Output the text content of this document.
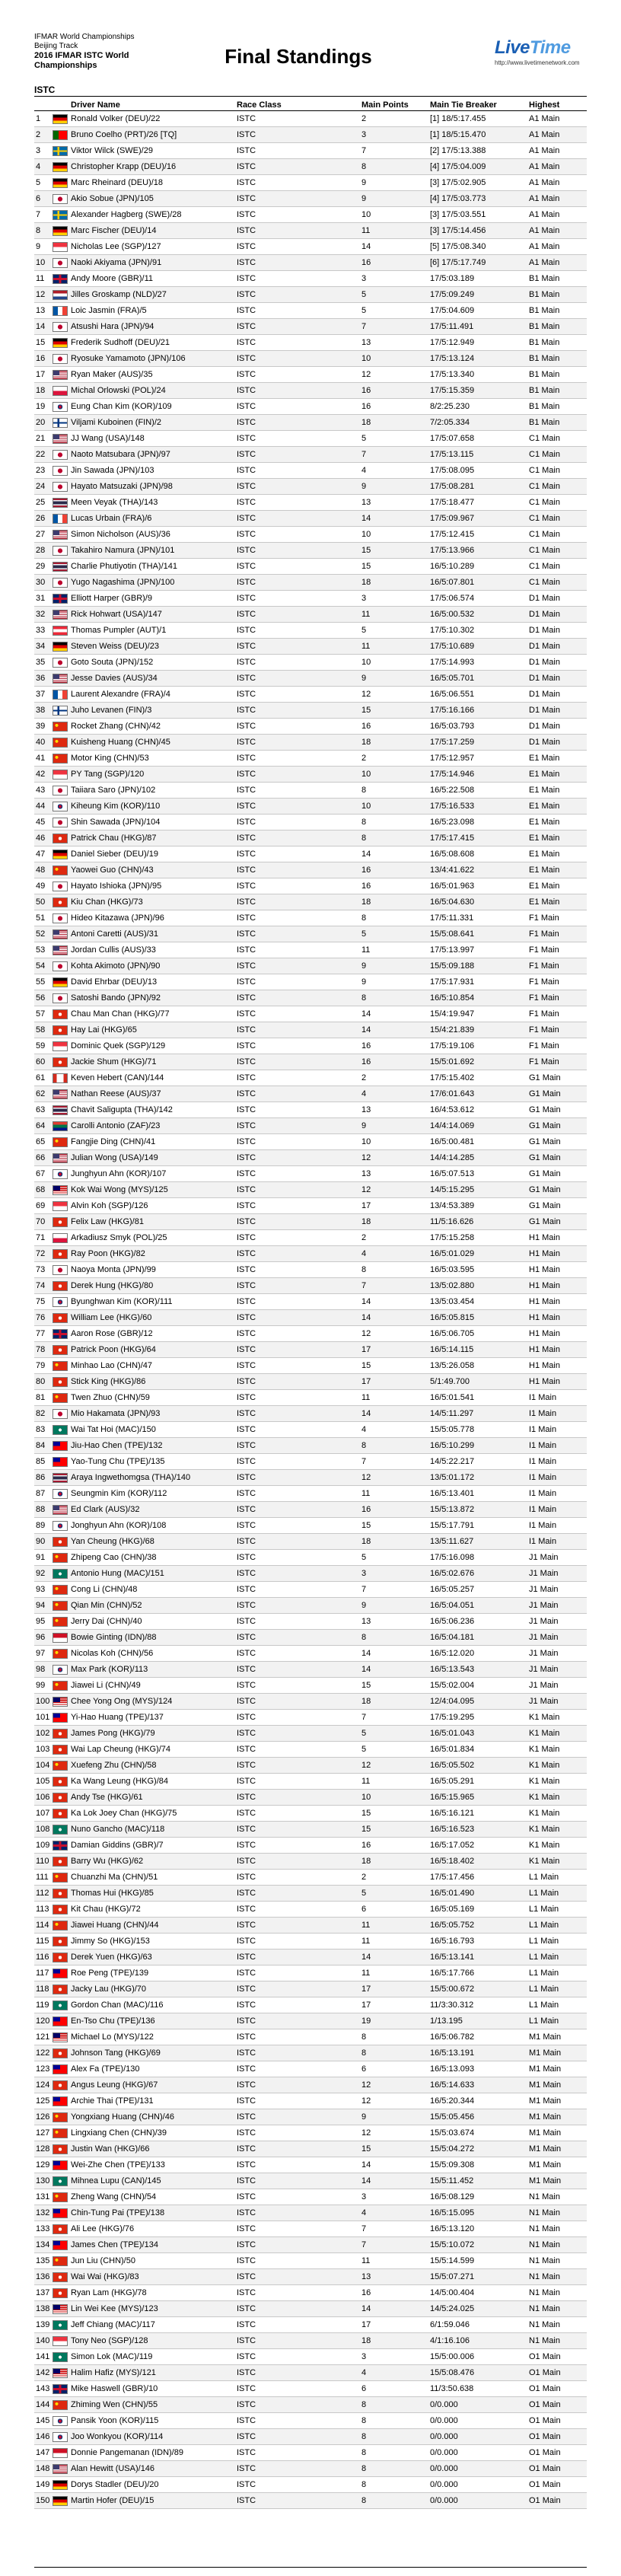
IFMAR World Championships
Beijing Track
2016 IFMAR ISTC World
Championships	Final Standings	LiveTime
http://www.livetimenetwork.com
ISTC
		Driver Name	Race Class	Main Points	Main Tie Breaker	Highest
1		Ronald Volker (DEU)/22	ISTC	2	[1] 18/5:17.455	A1 Main
2		Bruno Coelho (PRT)/26 [TQ]	ISTC	3	[1] 18/5:15.470	A1 Main
3		Viktor Wilck (SWE)/29	ISTC	7	[2] 17/5:13.388	A1 Main
4		Christopher Krapp (DEU)/16	ISTC	8	[4] 17/5:04.009	A1 Main
5		Marc Rheinard (DEU)/18	ISTC	9	[3] 17/5:02.905	A1 Main
6		Akio Sobue (JPN)/105	ISTC	9	[4] 17/5:03.773	A1 Main
7		Alexander Hagberg (SWE)/28	ISTC	10	[3] 17/5:03.551	A1 Main
8		Marc Fischer (DEU)/14	ISTC	11	[3] 17/5:14.456	A1 Main
9		Nicholas Lee (SGP)/127	ISTC	14	[5] 17/5:08.340	A1 Main
10		Naoki Akiyama (JPN)/91	ISTC	16	[6] 17/5:17.749	A1 Main
11		Andy Moore (GBR)/11	ISTC	3	17/5:03.189	B1 Main
12		Jilles Groskamp (NLD)/27	ISTC	5	17/5:09.249	B1 Main
13		Loic Jasmin (FRA)/5	ISTC	5	17/5:04.609	B1 Main
14		Atsushi Hara (JPN)/94	ISTC	7	17/5:11.491	B1 Main
15		Frederik Sudhoff (DEU)/21	ISTC	13	17/5:12.949	B1 Main
16		Ryosuke Yamamoto (JPN)/106	ISTC	10	17/5:13.124	B1 Main
17		Ryan Maker (AUS)/35	ISTC	12	17/5:13.340	B1 Main
18		Michal Orlowski (POL)/24	ISTC	16	17/5:15.359	B1 Main
19		Eung Chan Kim (KOR)/109	ISTC	16	8/2:25.230	B1 Main
20		Viljami Kuboinen (FIN)/2	ISTC	18	7/2:05.334	B1 Main
21		JJ Wang (USA)/148	ISTC	5	17/5:07.658	C1 Main
22		Naoto Matsubara (JPN)/97	ISTC	7	17/5:13.115	C1 Main
23		Jin Sawada (JPN)/103	ISTC	4	17/5:08.095	C1 Main
24		Hayato Matsuzaki (JPN)/98	ISTC	9	17/5:08.281	C1 Main
25		Meen Veyak (THA)/143	ISTC	13	17/5:18.477	C1 Main
26		Lucas Urbain (FRA)/6	ISTC	14	17/5:09.967	C1 Main
27		Simon Nicholson (AUS)/36	ISTC	10	17/5:12.415	C1 Main
28		Takahiro Namura (JPN)/101	ISTC	15	17/5:13.966	C1 Main
29		Charlie Phutiyotin (THA)/141	ISTC	15	16/5:10.289	C1 Main
30		Yugo Nagashima (JPN)/100	ISTC	18	16/5:07.801	C1 Main
31		Elliott Harper (GBR)/9	ISTC	3	17/5:06.574	D1 Main
32		Rick Hohwart (USA)/147	ISTC	11	16/5:00.532	D1 Main
33		Thomas Pumpler (AUT)/1	ISTC	5	17/5:10.302	D1 Main
34		Steven Weiss (DEU)/23	ISTC	11	17/5:10.689	D1 Main
35		Goto Souta (JPN)/152	ISTC	10	17/5:14.993	D1 Main
36		Jesse Davies (AUS)/34	ISTC	9	16/5:05.701	D1 Main
37		Laurent Alexandre (FRA)/4	ISTC	12	16/5:06.551	D1 Main
38		Juho Levanen (FIN)/3	ISTC	15	17/5:16.166	D1 Main
39		Rocket Zhang (CHN)/42	ISTC	16	16/5:03.793	D1 Main
40		Kuisheng Huang (CHN)/45	ISTC	18	17/5:17.259	D1 Main
41		Motor King (CHN)/53	ISTC	2	17/5:12.957	E1 Main
42		PY Tang (SGP)/120	ISTC	10	17/5:14.946	E1 Main
43		Taiiara Saro (JPN)/102	ISTC	8	16/5:22.508	E1 Main
44		Kiheung Kim (KOR)/110	ISTC	10	17/5:16.533	E1 Main
45		Shin Sawada (JPN)/104	ISTC	8	16/5:23.098	E1 Main
46		Patrick Chau (HKG)/87	ISTC	8	17/5:17.415	E1 Main
47		Daniel Sieber (DEU)/19	ISTC	14	16/5:08.608	E1 Main
48		Yaowei Guo (CHN)/43	ISTC	16	13/4:41.622	E1 Main
49		Hayato Ishioka (JPN)/95	ISTC	16	16/5:01.963	E1 Main
50		Kiu Chan (HKG)/73	ISTC	18	16/5:04.630	E1 Main
51		Hideo Kitazawa (JPN)/96	ISTC	8	17/5:11.331	F1 Main
52		Antoni Caretti (AUS)/31	ISTC	5	15/5:08.641	F1 Main
53		Jordan Cullis (AUS)/33	ISTC	11	17/5:13.997	F1 Main
54		Kohta Akimoto (JPN)/90	ISTC	9	15/5:09.188	F1 Main
55		David Ehrbar (DEU)/13	ISTC	9	17/5:17.931	F1 Main
56		Satoshi Bando (JPN)/92	ISTC	8	16/5:10.854	F1 Main
57		Chau Man Chan (HKG)/77	ISTC	14	15/4:19.947	F1 Main
58		Hay Lai (HKG)/65	ISTC	14	15/4:21.839	F1 Main
59		Dominic Quek (SGP)/129	ISTC	16	17/5:19.106	F1 Main
60		Jackie Shum (HKG)/71	ISTC	16	15/5:01.692	F1 Main
61		Keven Hebert (CAN)/144	ISTC	2	17/5:15.402	G1 Main
62		Nathan Reese (AUS)/37	ISTC	4	17/6:01.643	G1 Main
63		Chavit Saligupta (THA)/142	ISTC	13	16/4:53.612	G1 Main
64		Carolli Antonio (ZAF)/23	ISTC	9	14/4:14.069	G1 Main
65		Fangjie Ding (CHN)/41	ISTC	10	16/5:00.481	G1 Main
66		Julian Wong (USA)/149	ISTC	12	14/4:14.285	G1 Main
67		Junghyun Ahn (KOR)/107	ISTC	13	16/5:07.513	G1 Main
68		Kok Wai Wong (MYS)/125	ISTC	12	14/5:15.295	G1 Main
69		Alvin Koh (SGP)/126	ISTC	17	13/4:53.389	G1 Main
70		Felix Law (HKG)/81	ISTC	18	11/5:16.626	G1 Main
71		Arkadiusz Smyk (POL)/25	ISTC	2	17/5:15.258	H1 Main
72		Ray Poon (HKG)/82	ISTC	4	16/5:01.029	H1 Main
73		Naoya Monta (JPN)/99	ISTC	8	16/5:03.595	H1 Main
74		Derek Hung (HKG)/80	ISTC	7	13/5:02.880	H1 Main
75		Byunghwan Kim (KOR)/111	ISTC	14	13/5:03.454	H1 Main
76		William Lee (HKG)/60	ISTC	14	16/5:05.815	H1 Main
77		Aaron Rose (GBR)/12	ISTC	12	16/5:06.705	H1 Main
78		Patrick Poon (HKG)/64	ISTC	17	16/5:14.115	H1 Main
79		Minhao Lao (CHN)/47	ISTC	15	13/5:26.058	H1 Main
80		Stick King (HKG)/86	ISTC	17	5/1:49.700	H1 Main
81		Twen Zhuo (CHN)/59	ISTC	11	16/5:01.541	I1 Main
82		Mio Hakamata (JPN)/93	ISTC	14	14/5:11.297	I1 Main
83		Wai Tat Hoi (MAC)/150	ISTC	4	15/5:05.778	I1 Main
84		Jiu-Hao Chen (TPE)/132	ISTC	8	16/5:10.299	I1 Main
85		Yao-Tung Chu (TPE)/135	ISTC	7	14/5:22.217	I1 Main
86		Araya Ingwethomgsa (THA)/140	ISTC	12	13/5:01.172	I1 Main
87		Seungmin Kim (KOR)/112	ISTC	11	16/5:13.401	I1 Main
88		Ed Clark (AUS)/32	ISTC	16	15/5:13.872	I1 Main
89		Jonghyun Ahn (KOR)/108	ISTC	15	15/5:17.791	I1 Main
90		Yan Cheung (HKG)/68	ISTC	18	13/5:11.627	I1 Main
91		Zhipeng Cao (CHN)/38	ISTC	5	17/5:16.098	J1 Main
92		Antonio Hung (MAC)/151	ISTC	3	16/5:02.676	J1 Main
93		Cong Li (CHN)/48	ISTC	7	16/5:05.257	J1 Main
94		Qian Min (CHN)/52	ISTC	9	16/5:04.051	J1 Main
95		Jerry Dai (CHN)/40	ISTC	13	16/5:06.236	J1 Main
96		Bowie Ginting (IDN)/88	ISTC	8	16/5:04.181	J1 Main
97		Nicolas Koh (CHN)/56	ISTC	14	16/5:12.020	J1 Main
98		Max Park (KOR)/113	ISTC	14	16/5:13.543	J1 Main
99		Jiawei Li (CHN)/49	ISTC	15	15/5:02.004	J1 Main
100		Chee Yong Ong (MYS)/124	ISTC	18	12/4:04.095	J1 Main
101		Yi-Hao Huang (TPE)/137	ISTC	7	17/5:19.295	K1 Main
102		James Pong (HKG)/79	ISTC	5	16/5:01.043	K1 Main
103		Wai Lap Cheung (HKG)/74	ISTC	5	16/5:01.834	K1 Main
104		Xuefeng Zhu (CHN)/58	ISTC	12	16/5:05.502	K1 Main
105		Ka Wang Leung (HKG)/84	ISTC	11	16/5:05.291	K1 Main
106		Andy Tse (HKG)/61	ISTC	10	16/5:15.965	K1 Main
107		Ka Lok Joey Chan (HKG)/75	ISTC	15	16/5:16.121	K1 Main
108		Nuno Gancho (MAC)/118	ISTC	15	16/5:16.523	K1 Main
109		Damian Giddins (GBR)/7	ISTC	16	16/5:17.052	K1 Main
110		Barry Wu (HKG)/62	ISTC	18	16/5:18.402	K1 Main
111		Chuanzhi Ma (CHN)/51	ISTC	2	17/5:17.456	L1 Main
112		Thomas Hui (HKG)/85	ISTC	5	16/5:01.490	L1 Main
113		Kit Chau (HKG)/72	ISTC	6	16/5:05.169	L1 Main
114		Jiawei Huang (CHN)/44	ISTC	11	16/5:05.752	L1 Main
115		Jimmy So (HKG)/153	ISTC	11	16/5:16.793	L1 Main
116		Derek Yuen (HKG)/63	ISTC	14	16/5:13.141	L1 Main
117		Roe Peng (TPE)/139	ISTC	11	16/5:17.766	L1 Main
118		Jacky Lau (HKG)/70	ISTC	17	15/5:00.672	L1 Main
119		Gordon Chan (MAC)/116	ISTC	17	11/3:30.312	L1 Main
120		En-Tso Chu (TPE)/136	ISTC	19	1/13.195	L1 Main
121		Michael Lo (MYS)/122	ISTC	8	16/5:06.782	M1 Main
122		Johnson Tang (HKG)/69	ISTC	8	16/5:13.191	M1 Main
123		Alex Fa (TPE)/130	ISTC	6	16/5:13.093	M1 Main
124		Angus Leung (HKG)/67	ISTC	12	16/5:14.633	M1 Main
125		Archie Thai (TPE)/131	ISTC	12	16/5:20.344	M1 Main
126		Yongxiang Huang (CHN)/46	ISTC	9	15/5:05.456	M1 Main
127		Lingxiang Chen (CHN)/39	ISTC	12	15/5:03.674	M1 Main
128		Justin Wan (HKG)/66	ISTC	15	15/5:04.272	M1 Main
129		Wei-Zhe Chen (TPE)/133	ISTC	14	15/5:09.308	M1 Main
130		Mihnea Lupu (CAN)/145	ISTC	14	15/5:11.452	M1 Main
131		Zheng Wang (CHN)/54	ISTC	3	16/5:08.129	N1 Main
132		Chin-Tung Pai (TPE)/138	ISTC	4	16/5:15.095	N1 Main
133		Ali Lee (HKG)/76	ISTC	7	16/5:13.120	N1 Main
134		James Chen (TPE)/134	ISTC	7	15/5:10.072	N1 Main
135		Jun Liu (CHN)/50	ISTC	11	15/5:14.599	N1 Main
136		Wai Wai (HKG)/83	ISTC	13	15/5:07.271	N1 Main
137		Ryan Lam (HKG)/78	ISTC	16	14/5:00.404	N1 Main
138		Lin Wei Kee (MYS)/123	ISTC	14	14/5:24.025	N1 Main
139		Jeff Chiang (MAC)/117	ISTC	17	6/1:59.046	N1 Main
140		Tony Neo (SGP)/128	ISTC	18	4/1:16.106	N1 Main
141		Simon Lok (MAC)/119	ISTC	3	15/5:00.006	O1 Main
142		Halim Hafiz (MYS)/121	ISTC	4	15/5:08.476	O1 Main
143		Mike Haswell (GBR)/10	ISTC	6	11/3:50.638	O1 Main
144		Zhiming Wen (CHN)/55	ISTC	8	0/0.000	O1 Main
145		Pansik Yoon (KOR)/115	ISTC	8	0/0.000	O1 Main
146		Joo Wonkyou (KOR)/114	ISTC	8	0/0.000	O1 Main
147		Donnie Pangemanan (IDN)/89	ISTC	8	0/0.000	O1 Main
148		Alan Hewitt (USA)/146	ISTC	8	0/0.000	O1 Main
149		Dorys Stadler (DEU)/20	ISTC	8	0/0.000	O1 Main
150		Martin Hofer (DEU)/15	ISTC	8	0/0.000	O1 Main
